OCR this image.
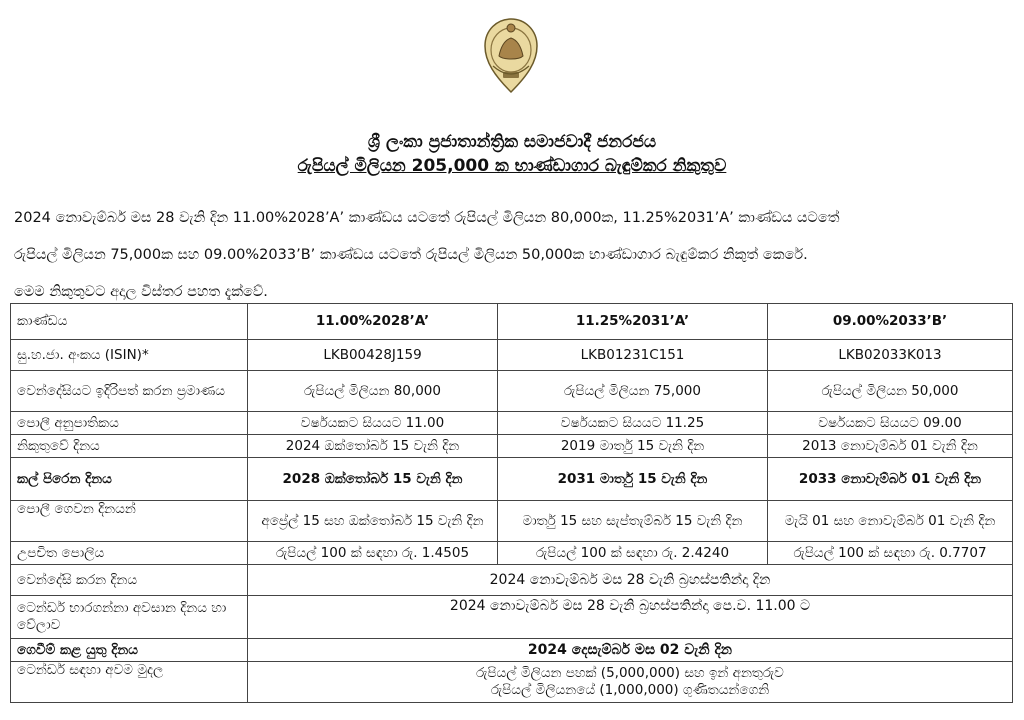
ශ්‍රී ලංකා ප්‍රජාතාන්ත්‍රික සමාජවාදී ජනරජය
රුපියල් මිලියන 205,000 ක භාණ්ඩාගාර බැඳුම්කර නිකුතුව

2024 නොවැම්බර් මස 28 වැනි දින 11.00%2028’A’ කාණ්ඩය යටතේ රුපියල් මිලියන 80,000ක, 11.25%2031’A’ කාණ්ඩය යටතේ

රුපියල් මිලියන 75,000ක සහ 09.00%2033’B’ කාණ්ඩය යටතේ රුපියල් මිලියන 50,000ක භාණ්ඩාගාර බැඳුම්කර නිකුත් කෙරේ.

මෙම නිකුතුවට අදාල විස්තර පහත දැක්වේ.

කාණ්ඩය	11.00%2028’A’	11.25%2031’A’	09.00%2033’B’
සු.හ.ජා. අංකය (ISIN)*	LKB00428J159	LKB01231C151	LKB02033K013
වෙන්දේසියට ඉදිරිපත් කරන ප්‍රමාණය	රුපියල් මිලියන 80,000	රුපියල් මිලියන 75,000	රුපියල් මිලියන 50,000
පොලී අනුපාතිකය	වර්ෂයකට සියයට 11.00	වර්ෂයකට සියයට 11.25	වර්ෂයකට සියයට 09.00
නිකුතුවේ දිනය	2024 ඔක්තෝබර් 15 වැනි දින	2019 මාර්තු 15 වැනි දින	2013 නොවැම්බර් 01 වැනි දින
කල් පිරෙන දිනය	2028 ඔක්තෝබර් 15 වැනි දින	2031 මාර්තු 15 වැනි දින	2033 නොවැම්බර් 01 වැනි දින
පොලී ගෙවන දිනයන්	අප්‍රේල් 15 සහ ඔක්තෝබර් 15 වැනි දින	මාර්තු 15 සහ සැප්තැම්බර් 15 වැනි දින	මැයි 01 සහ නොවැම්බර් 01 වැනි දින
උපචිත පොලිය	රුපියල් 100 ක් සඳහා රු. 1.4505	රුපියල් 100 ක් සඳහා රු. 2.4240	රුපියල් 100 ක් සඳහා රු. 0.7707
වෙන්දේසි කරන දිනය	2024 නොවැම්බර් මස 28 වැනි බ්‍රහස්පතින්දා දින		
ටෙන්ඩර් භාරගන්නා අවසාන දිනය හා වේලාව	2024 නොවැම්බර් මස 28 වැනි බ්‍රහස්පතින්දා පෙ.ව. 11.00 ට		
ගෙවීම් කළ යුතු දිනය	2024 දෙසැම්බර් මස 02 වැනි දින		
ටෙන්ඩර් සඳහා අවම මුදල	රුපියල් මිලියන පහක් (5,000,000) සහ ඉන් අනතුරුව
රුපියල් මිලියනයේ (1,000,000) ගුණිතයන්ගෙනි		
